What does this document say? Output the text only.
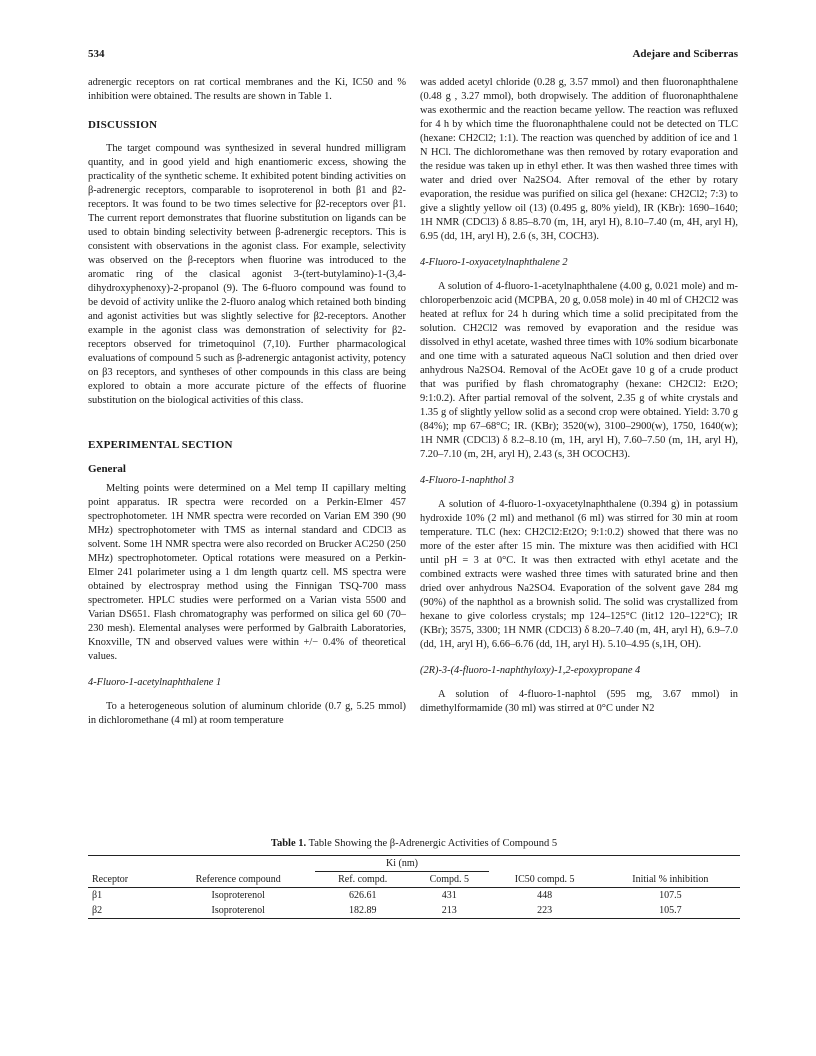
534	Adejare and Sciberras

adrenergic receptors on rat cortical membranes and the Ki, IC50 and % inhibition were obtained. The results are shown in Table 1.

DISCUSSION

The target compound was synthesized in several hundred milligram quantity, and in good yield and high enantiomeric excess, showing the practicality of the synthetic scheme. It exhibited potent binding activities on β-adrenergic receptors, comparable to isoproterenol in both β1 and β2-receptors. It was found to be two times selective for β2-receptors over β1. The current report demonstrates that fluorine substitution on ligands can be used to obtain binding selectivity between β-adrenergic receptors. This is consistent with observations in the agonist class. For example, selectivity was observed on the β-receptors when fluorine was introduced to the aromatic ring of the clasical agonist 3-(tert-butylamino)-1-(3,4-dihydroxyphenoxy)-2-propanol (9). The 6-fluoro compound was found to be devoid of activity unlike the 2-fluoro analog which retained both binding and agonist activities but was slightly selective for β2-receptors. Another example in the agonist class was demonstration of selectivity for β2-receptors observed for trimetoquinol (7,10). Further pharmacological evaluations of compound 5 such as β-adrenergic antagonist activity, potency on β3 receptors, and syntheses of other compounds in this class are being explored to obtain a more accurate picture of the effects of fluorine substitution on the biological activities of this class.

EXPERIMENTAL SECTION

General

Melting points were determined on a Mel temp II capillary melting point apparatus. IR spectra were recorded on a Perkin-Elmer 457 spectrophotometer. 1H NMR spectra were recorded on Varian EM 390 (90 MHz) spectrophotometer with TMS as internal standard and CDCl3 as solvent. Some 1H NMR spectra were also recorded on Brucker AC250 (250 MHz) spectrophotometer. Optical rotations were measured on a Perkin-Elmer 241 polarimeter using a 1 dm length quartz cell. MS spectra were obtained by electrospray method using the Finnigan TSQ-700 mass spectrometer. HPLC studies were performed on a Varian vista 5500 and Varian DS651. Flash chromatography was performed on silica gel 60 (70–230 mesh). Elemental analyses were performed by Galbraith Laboratories, Knoxville, TN and observed values were within +/− 0.4% of theoretical values.

4-Fluoro-1-acetylnaphthalene 1

To a heterogeneous solution of aluminum chloride (0.7 g, 5.25 mmol) in dichloromethane (4 ml) at room temperature

was added acetyl chloride (0.28 g, 3.57 mmol) and then fluoronaphthalene (0.48 g , 3.27 mmol), both dropwisely. The addition of fluoronaphthalene was exothermic and the reaction became yellow. The reaction was refluxed for 4 h by which time the fluoronaphthalene could not be detected on TLC (hexane: CH2Cl2; 1:1). The reaction was quenched by addition of ice and 1 N HCl. The dichloromethane was then removed by rotary evaporation and the residue was taken up in ethyl ether. It was then washed three times with water and dried over Na2SO4. After removal of the ether by rotary evaporation, the residue was purified on silica gel (hexane: CH2Cl2; 7:3) to give a slightly yellow oil (13) (0.495 g, 80% yield), IR (KBr): 1690–1640; 1H NMR (CDCl3) δ 8.85–8.70 (m, 1H, aryl H), 8.10–7.40 (m, 4H, aryl H), 6.95 (dd, 1H, aryl H), 2.6 (s, 3H, COCH3).

4-Fluoro-1-oxyacetylnaphthalene 2

A solution of 4-fluoro-1-acetylnaphthalene (4.00 g, 0.021 mole) and m-chloroperbenzoic acid (MCPBA, 20 g, 0.058 mole) in 40 ml of CH2Cl2 was heated at reflux for 24 h during which time a solid precipitated from the solution. CH2Cl2 was removed by evaporation and the residue was dissolved in ethyl acetate, washed three times with 10% sodium bicarbonate and one time with a saturated aqueous NaCl solution and then dried over anhydrous Na2SO4. Removal of the AcOEt gave 10 g of a crude product that was purified by flash chromatography (hexane: CH2Cl2: Et2O; 9:1:0.2). After partial removal of the solvent, 2.35 g of white crystals and 1.35 g of slightly yellow solid as a second crop were obtained. Yield: 3.70 g (84%); mp 67–68°C; IR. (KBr); 3520(w), 3100–2900(w), 1750, 1640(w); 1H NMR (CDCl3) δ 8.2–8.10 (m, 1H, aryl H), 7.60–7.50 (m, 1H, aryl H), 7.20–7.10 (m, 2H, aryl H), 2.43 (s, 3H OCOCH3).

4-Fluoro-1-naphthol 3

A solution of 4-fluoro-1-oxyacetylnaphthalene (0.394 g) in potassium hydroxide 10% (2 ml) and methanol (6 ml) was stirred for 30 min at room temperature. TLC (hex: CH2Cl2:Et2O; 9:1:0.2) showed that there was no more of the ester after 15 min. The mixture was then acidified with HCl until pH = 3 at 0°C. It was then extracted with ethyl acetate and the combined extracts were washed three times with saturated brine and then dried over anhydrous Na2SO4. Evaporation of the solvent gave 284 mg (90%) of the naphthol as a brownish solid. The solid was crystallized from hexane to give colorless crystals; mp 124–125°C (lit12 120–122°C); IR (KBr); 3575, 3300; 1H NMR (CDCl3) δ 8.20–7.40 (m, 4H, aryl H), 6.9–7.0 (dd, 1H, aryl H), 6.66–6.76 (dd, 1H, aryl H). 5.10–4.95 (s,1H, OH).

(2R)-3-(4-fluoro-1-naphthyloxy)-1,2-epoxypropane 4

A solution of 4-fluoro-1-naphtol (595 mg, 3.67 mmol) in dimethylformamide (30 ml) was stirred at 0°C under N2

Table 1. Table Showing the β-Adrenergic Activities of Compound 5
		Ki (nm)			
Receptor	Reference compound	Ref. compd.	Compd. 5	IC50 compd. 5	Initial % inhibition

β1	Isoproterenol	626.61	431	448	107.5
β2	Isoproterenol	182.89	213	223	105.7
